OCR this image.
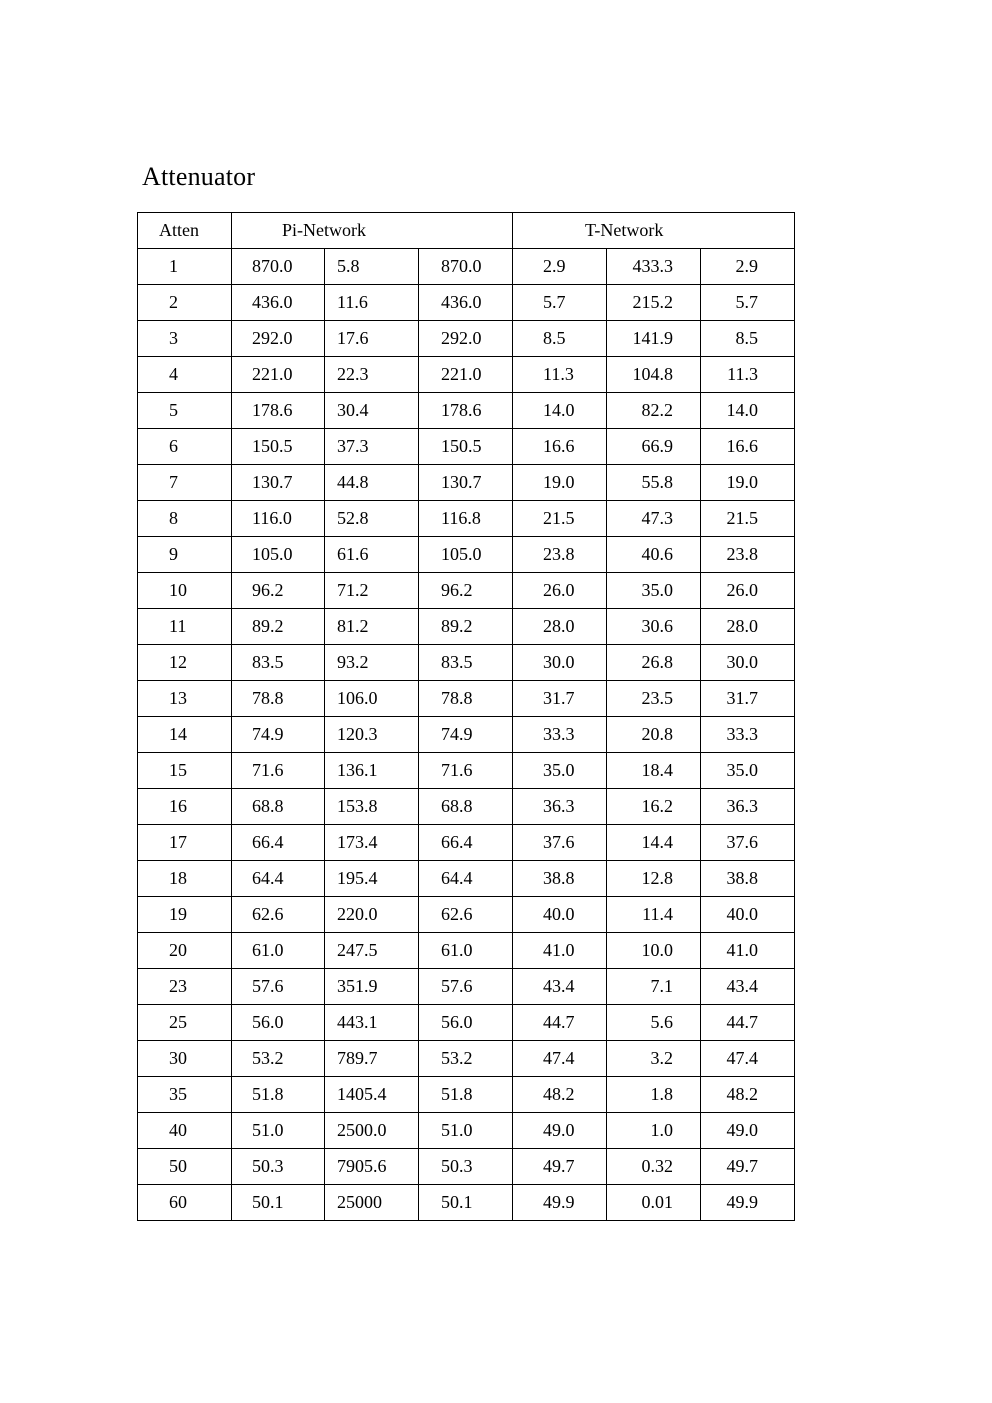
Attenuator
Atten	Pi-Network			T-Network		
1	870.0	5.8	870.0	2.9	433.3	2.9
2	436.0	11.6	436.0	5.7	215.2	5.7
3	292.0	17.6	292.0	8.5	141.9	8.5
4	221.0	22.3	221.0	11.3	104.8	11.3
5	178.6	30.4	178.6	14.0	82.2	14.0
6	150.5	37.3	150.5	16.6	66.9	16.6
7	130.7	44.8	130.7	19.0	55.8	19.0
8	116.0	52.8	116.8	21.5	47.3	21.5
9	105.0	61.6	105.0	23.8	40.6	23.8
10	96.2	71.2	96.2	26.0	35.0	26.0
11	89.2	81.2	89.2	28.0	30.6	28.0
12	83.5	93.2	83.5	30.0	26.8	30.0
13	78.8	106.0	78.8	31.7	23.5	31.7
14	74.9	120.3	74.9	33.3	20.8	33.3
15	71.6	136.1	71.6	35.0	18.4	35.0
16	68.8	153.8	68.8	36.3	16.2	36.3
17	66.4	173.4	66.4	37.6	14.4	37.6
18	64.4	195.4	64.4	38.8	12.8	38.8
19	62.6	220.0	62.6	40.0	11.4	40.0
20	61.0	247.5	61.0	41.0	10.0	41.0
23	57.6	351.9	57.6	43.4	7.1	43.4
25	56.0	443.1	56.0	44.7	5.6	44.7
30	53.2	789.7	53.2	47.4	3.2	47.4
35	51.8	1405.4	51.8	48.2	1.8	48.2
40	51.0	2500.0	51.0	49.0	1.0	49.0
50	50.3	7905.6	50.3	49.7	0.32	49.7
60	50.1	25000	50.1	49.9	0.01	49.9
